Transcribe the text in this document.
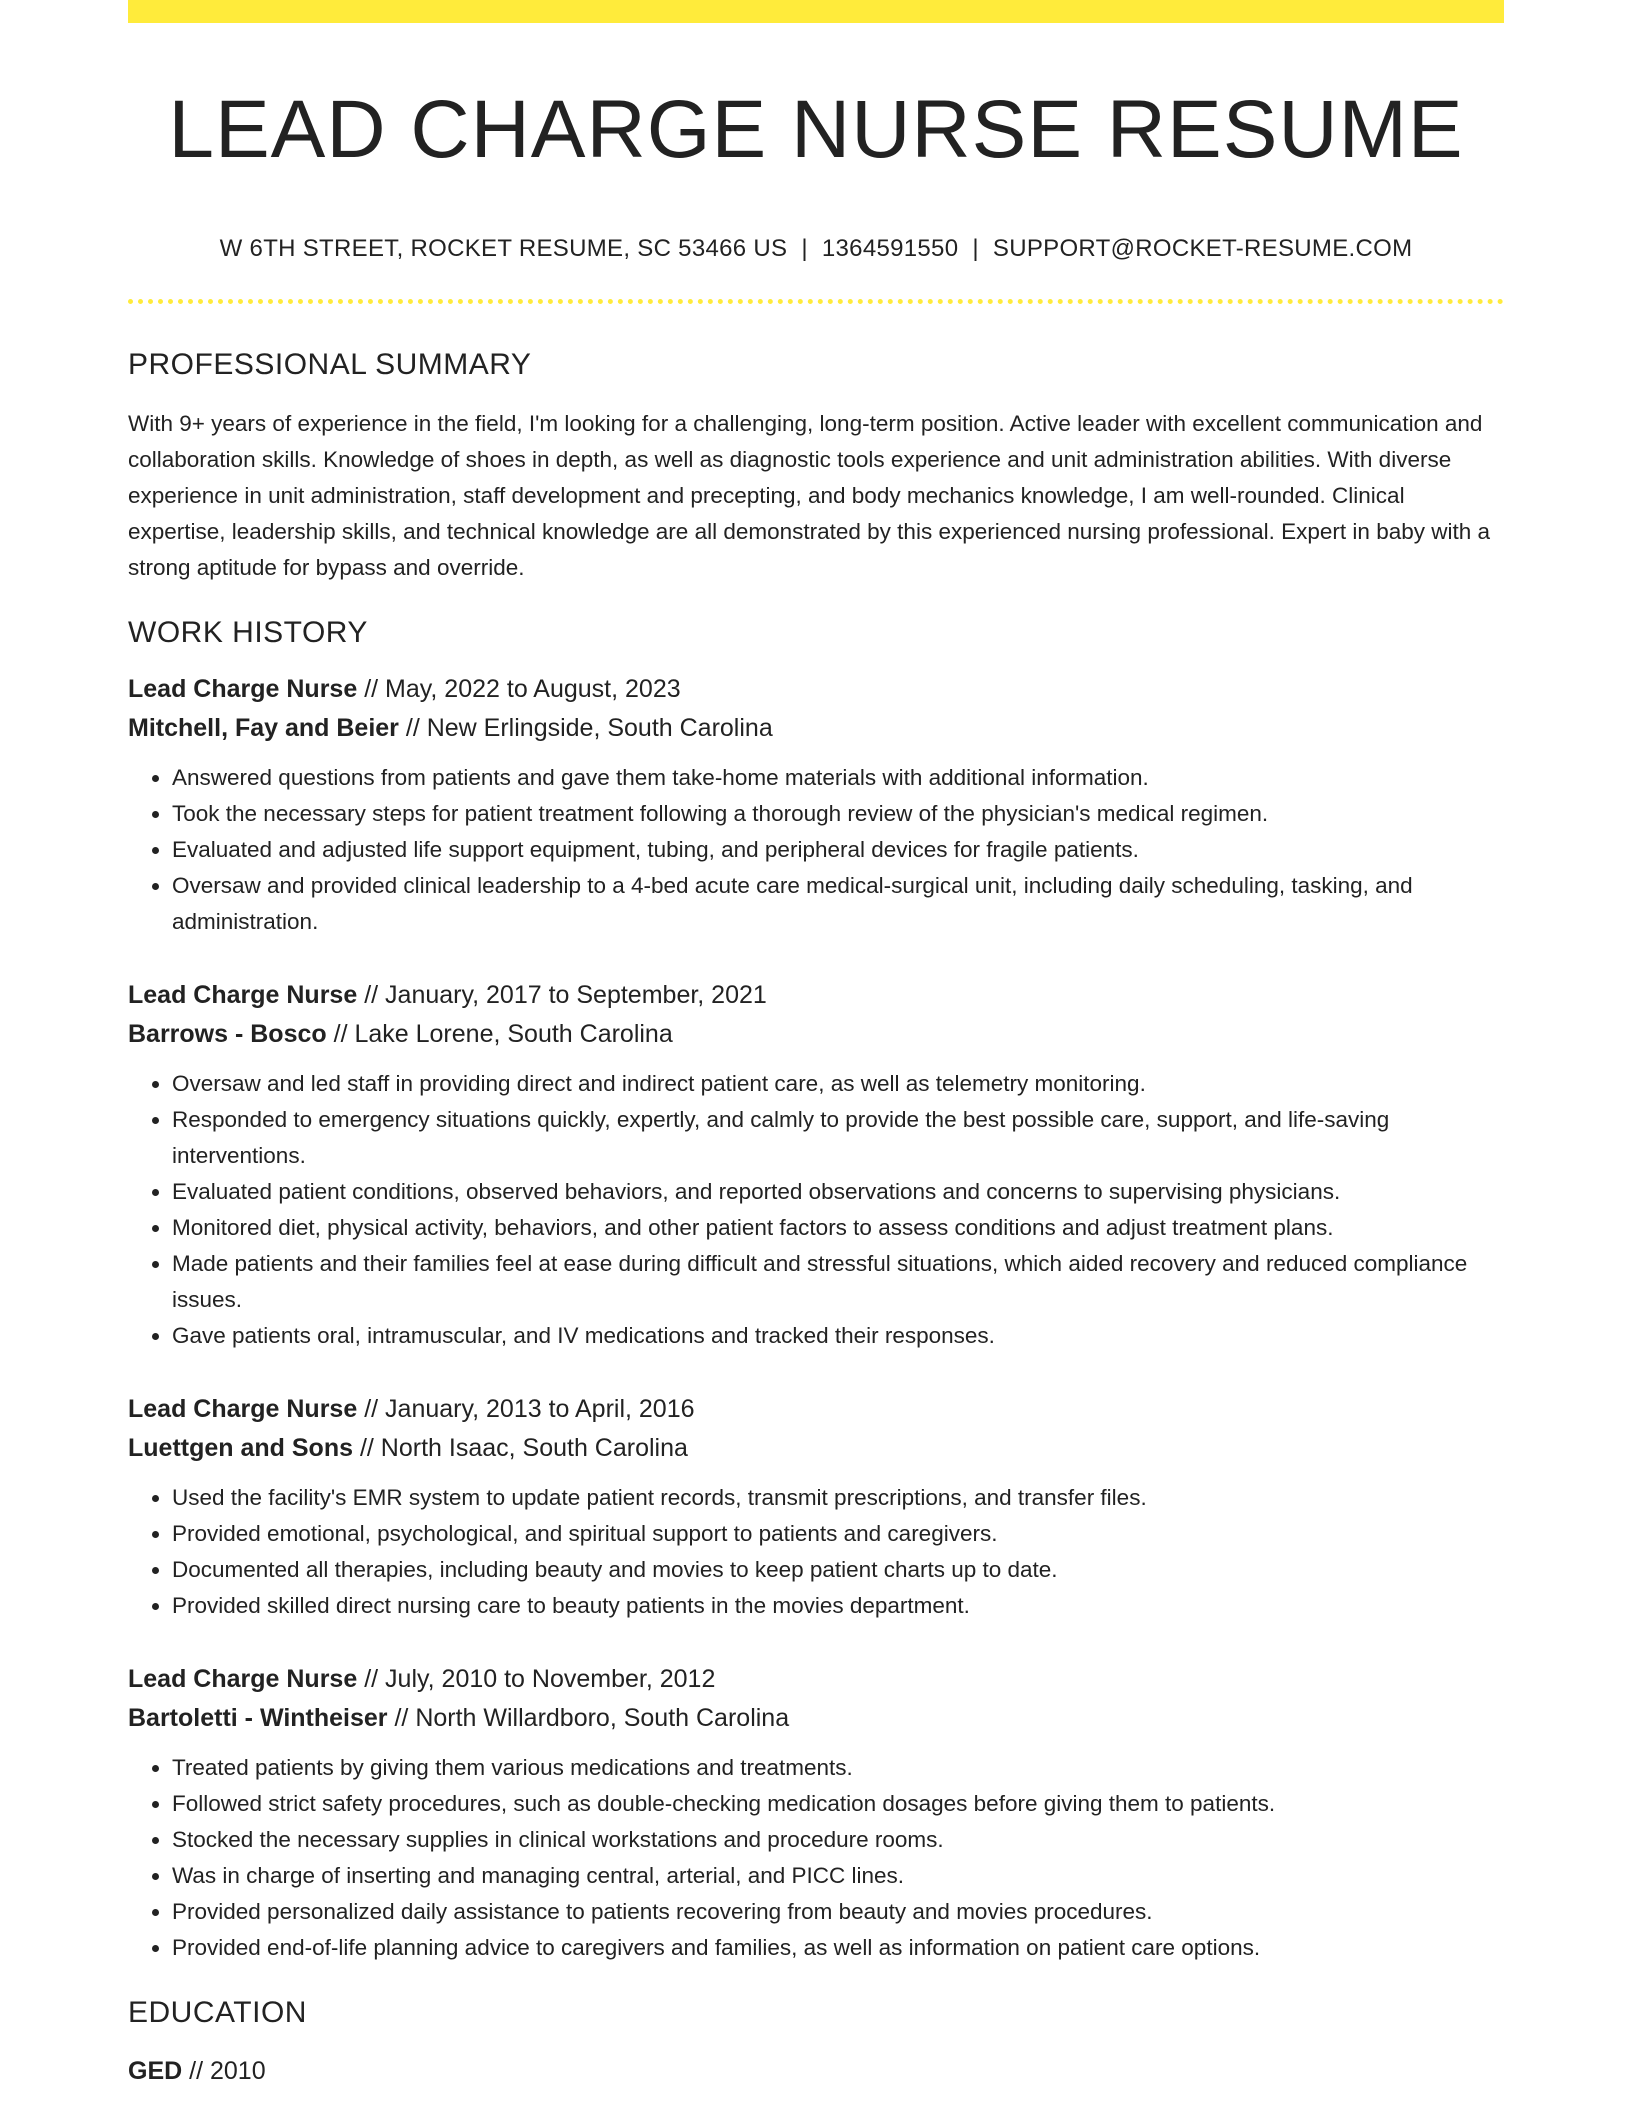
LEAD CHARGE NURSE RESUME
W 6TH STREET, ROCKET RESUME, SC 53466 US | 1364591550 | SUPPORT@ROCKET-RESUME.COM
PROFESSIONAL SUMMARY

With 9+ years of experience in the field, I'm looking for a challenging, long-term position. Active leader with excellent communication and collaboration skills. Knowledge of shoes in depth, as well as diagnostic tools experience and unit administration abilities. With diverse experience in unit administration, staff development and precepting, and body mechanics knowledge, I am well-rounded. Clinical expertise, leadership skills, and technical knowledge are all demonstrated by this experienced nursing professional. Expert in baby with a strong aptitude for bypass and override.

WORK HISTORY
Lead Charge Nurse // May, 2022 to August, 2023
Mitchell, Fay and Beier // New Erlingside, South Carolina
• Answered questions from patients and gave them take-home materials with additional information.
• Took the necessary steps for patient treatment following a thorough review of the physician's medical regimen.
• Evaluated and adjusted life support equipment, tubing, and peripheral devices for fragile patients.
• Oversaw and provided clinical leadership to a 4-bed acute care medical-surgical unit, including daily scheduling, tasking, and administration.
Lead Charge Nurse // January, 2017 to September, 2021
Barrows - Bosco // Lake Lorene, South Carolina
• Oversaw and led staff in providing direct and indirect patient care, as well as telemetry monitoring.
• Responded to emergency situations quickly, expertly, and calmly to provide the best possible care, support, and life-saving interventions.
• Evaluated patient conditions, observed behaviors, and reported observations and concerns to supervising physicians.
• Monitored diet, physical activity, behaviors, and other patient factors to assess conditions and adjust treatment plans.
• Made patients and their families feel at ease during difficult and stressful situations, which aided recovery and reduced compliance issues.
• Gave patients oral, intramuscular, and IV medications and tracked their responses.
Lead Charge Nurse // January, 2013 to April, 2016
Luettgen and Sons // North Isaac, South Carolina
• Used the facility's EMR system to update patient records, transmit prescriptions, and transfer files.
• Provided emotional, psychological, and spiritual support to patients and caregivers.
• Documented all therapies, including beauty and movies to keep patient charts up to date.
• Provided skilled direct nursing care to beauty patients in the movies department.
Lead Charge Nurse // July, 2010 to November, 2012
Bartoletti - Wintheiser // North Willardboro, South Carolina
• Treated patients by giving them various medications and treatments.
• Followed strict safety procedures, such as double-checking medication dosages before giving them to patients.
• Stocked the necessary supplies in clinical workstations and procedure rooms.
• Was in charge of inserting and managing central, arterial, and PICC lines.
• Provided personalized daily assistance to patients recovering from beauty and movies procedures.
• Provided end-of-life planning advice to caregivers and families, as well as information on patient care options.
EDUCATION
GED // 2010
